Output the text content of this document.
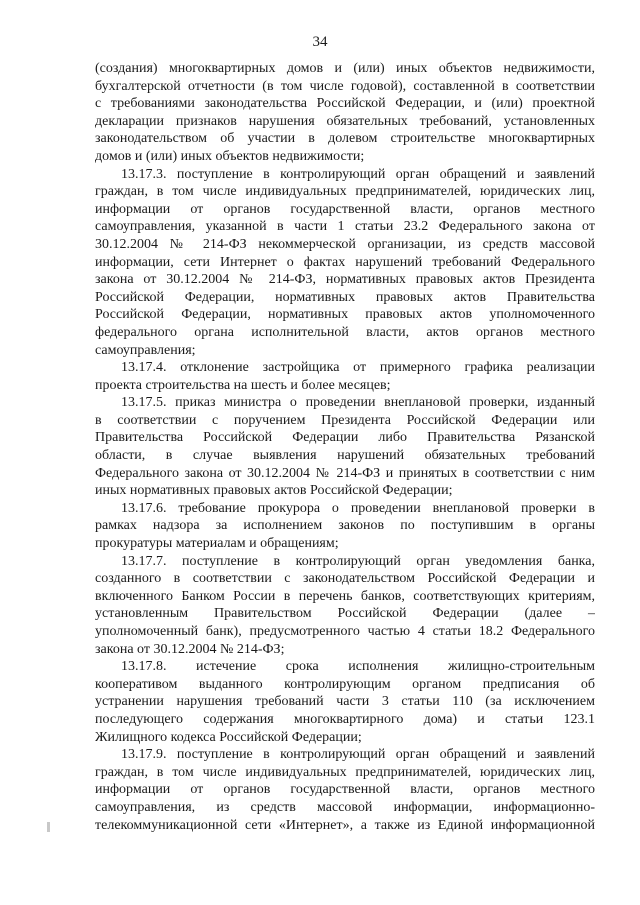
34
(создания) многоквартирных домов и (или) иных объектов недвижимости,
бухгалтерской отчетности (в том числе годовой), составленной в соответствии
с требованиями законодательства Российской Федерации, и (или) проектной
декларации признаков нарушения обязательных требований, установленных
законодательством об участии в долевом строительстве многоквартирных
домов и (или) иных объектов недвижимости;
13.17.3. поступление в контролирующий орган обращений и заявлений
граждан, в том числе индивидуальных предпринимателей, юридических лиц,
информации от органов государственной власти, органов местного
самоуправления, указанной в части 1 статьи 23.2 Федерального закона от
30.12.2004 № 214-ФЗ некоммерческой организации, из средств массовой
информации, сети Интернет о фактах нарушений требований Федерального
закона от 30.12.2004 № 214-ФЗ, нормативных правовых актов Президента
Российской Федерации, нормативных правовых актов Правительства
Российской Федерации, нормативных правовых актов уполномоченного
федерального органа исполнительной власти, актов органов местного
самоуправления;
13.17.4. отклонение застройщика от примерного графика реализации
проекта строительства на шесть и более месяцев;
13.17.5. приказ министра о проведении внеплановой проверки, изданный
в соответствии с поручением Президента Российской Федерации или
Правительства Российской Федерации либо Правительства Рязанской
области, в случае выявления нарушений обязательных требований
Федерального закона от 30.12.2004 № 214-ФЗ и принятых в соответствии с ним
иных нормативных правовых актов Российской Федерации;
13.17.6. требование прокурора о проведении внеплановой проверки в
рамках надзора за исполнением законов по поступившим в органы
прокуратуры материалам и обращениям;
13.17.7. поступление в контролирующий орган уведомления банка,
созданного в соответствии с законодательством Российской Федерации и
включенного Банком России в перечень банков, соответствующих критериям,
установленным Правительством Российской Федерации (далее –
уполномоченный банк), предусмотренного частью 4 статьи 18.2 Федерального
закона от 30.12.2004 № 214-ФЗ;
13.17.8. истечение срока исполнения жилищно-строительным
кооперативом выданного контролирующим органом предписания об
устранении нарушения требований части 3 статьи 110 (за исключением
последующего содержания многоквартирного дома) и статьи 123.1
Жилищного кодекса Российской Федерации;
13.17.9. поступление в контролирующий орган обращений и заявлений
граждан, в том числе индивидуальных предпринимателей, юридических лиц,
информации от органов государственной власти, органов местного
самоуправления, из средств массовой информации, информационно-
телекоммуникационной сети «Интернет», а также из Единой информационной
